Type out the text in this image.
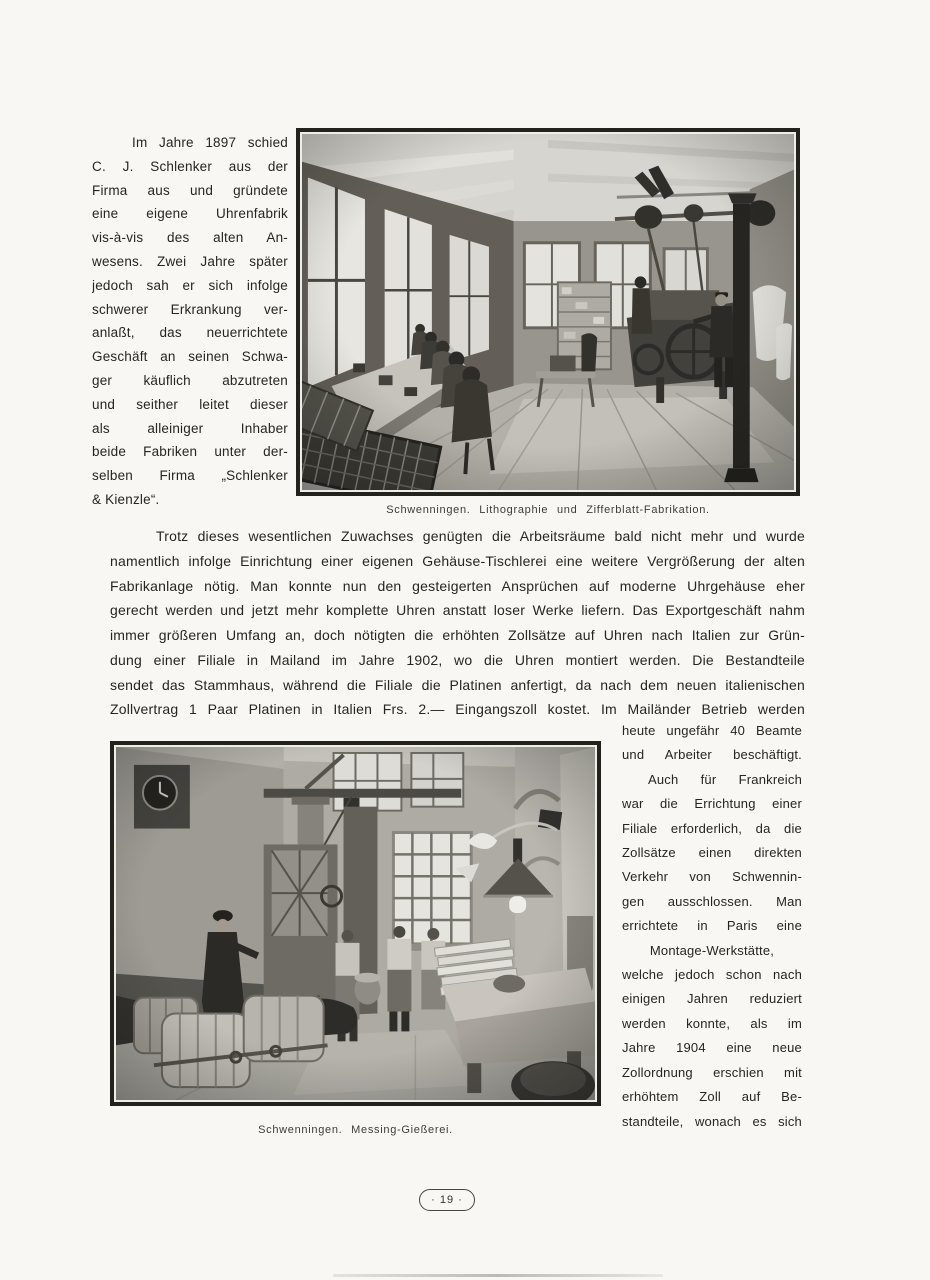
Im Jahre 1897 schied
C. J. Schlenker aus der
Firma aus und gründete
eine eigene Uhrenfabrik
vis-à-vis des alten An-
wesens. Zwei Jahre später
jedoch sah er sich infolge
schwerer Erkrankung ver-
anlaßt, das neuerrichtete
Geschäft an seinen Schwa-
ger käuflich abzutreten
und seither leitet dieser
als alleiniger Inhaber
beide Fabriken unter der-
selben Firma „Schlenker
& Kienzle“.
Schwenningen. Lithographie und Zifferblatt-Fabrikation.
Trotz dieses wesentlichen Zuwachses genügten die Arbeitsräume bald nicht mehr und wurde
namentlich infolge Einrichtung einer eigenen Gehäuse-Tischlerei eine weitere Vergrößerung der alten
Fabrikanlage nötig. Man konnte nun den gesteigerten Ansprüchen auf moderne Uhrgehäuse eher
gerecht werden und jetzt mehr komplette Uhren anstatt loser Werke liefern. Das Exportgeschäft nahm
immer größeren Umfang an, doch nötigten die erhöhten Zollsätze auf Uhren nach Italien zur Grün-
dung einer Filiale in Mailand im Jahre 1902, wo die Uhren montiert werden. Die Bestandteile
sendet das Stammhaus, während die Filiale die Platinen anfertigt, da nach dem neuen italienischen
Zollvertrag 1 Paar Platinen in Italien Frs. 2.— Eingangszoll kostet. Im Mailänder Betrieb werden
Schwenningen. Messing-Gießerei.
heute ungefähr 40 Beamte
und Arbeiter beschäftigt.
Auch für Frankreich
war die Errichtung einer
Filiale erforderlich, da die
Zollsätze einen direkten
Verkehr von Schwennin-
gen ausschlossen. Man
errichtete in Paris eine
Montage-Werkstätte,
welche jedoch schon nach
einigen Jahren reduziert
werden konnte, als im
Jahre 1904 eine neue
Zollordnung erschien mit
erhöhtem Zoll auf Be-
standteile, wonach es sich
· 19 ·
